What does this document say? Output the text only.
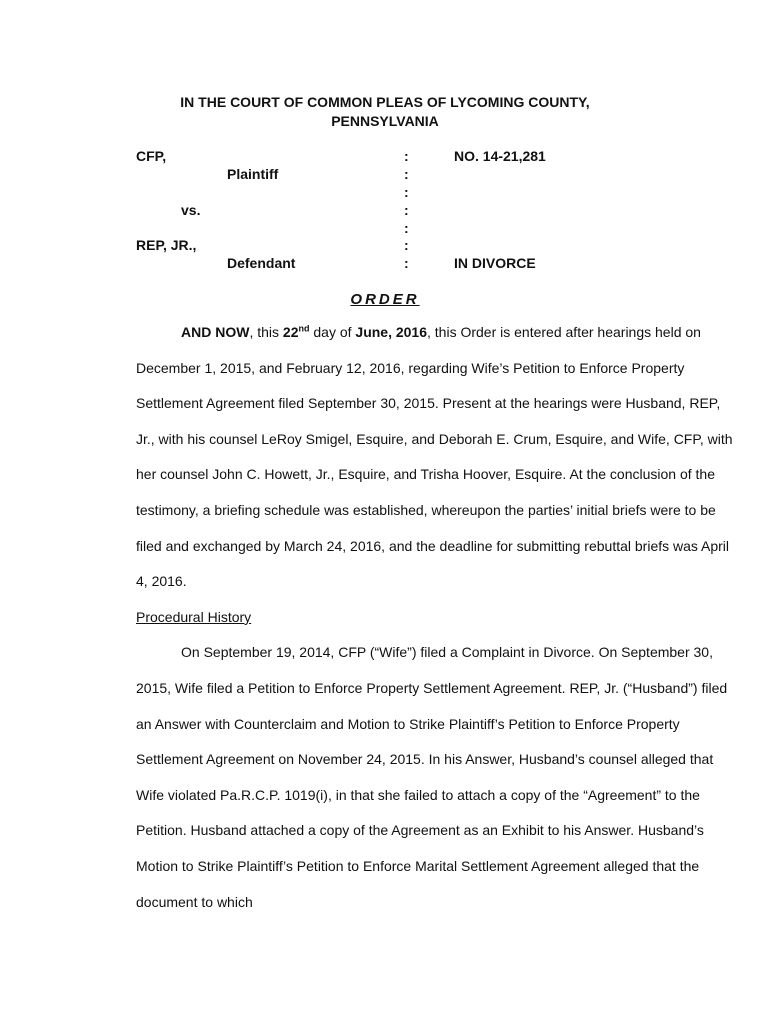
IN THE COURT OF COMMON PLEAS OF LYCOMING COUNTY,
PENNSYLVANIA
CFP,
Plaintiff
vs.
REP, JR.,
Defendant
:
:
:
:
:
:
:
NO. 14-21,281
IN DIVORCE
ORDER

AND NOW, this 22nd day of June, 2016, this Order is entered after hearings held on December 1, 2015, and February 12, 2016, regarding Wife’s Petition to Enforce Property Settlement Agreement filed September 30, 2015. Present at the hearings were Husband, REP, Jr., with his counsel LeRoy Smigel, Esquire, and Deborah E. Crum, Esquire, and Wife, CFP, with her counsel John C. Howett, Jr., Esquire, and Trisha Hoover, Esquire. At the conclusion of the testimony, a briefing schedule was established, whereupon the parties’ initial briefs were to be filed and exchanged by March 24, 2016, and the deadline for submitting rebuttal briefs was April 4, 2016.

Procedural History

On September 19, 2014, CFP (“Wife”) filed a Complaint in Divorce. On September 30, 2015, Wife filed a Petition to Enforce Property Settlement Agreement. REP, Jr. (“Husband”) filed an Answer with Counterclaim and Motion to Strike Plaintiff’s Petition to Enforce Property Settlement Agreement on November 24, 2015. In his Answer, Husband’s counsel alleged that Wife violated Pa.R.C.P. 1019(i), in that she failed to attach a copy of the “Agreement” to the Petition. Husband attached a copy of the Agreement as an Exhibit to his Answer. Husband’s Motion to Strike Plaintiff’s Petition to Enforce Marital Settlement Agreement alleged that the document to which
